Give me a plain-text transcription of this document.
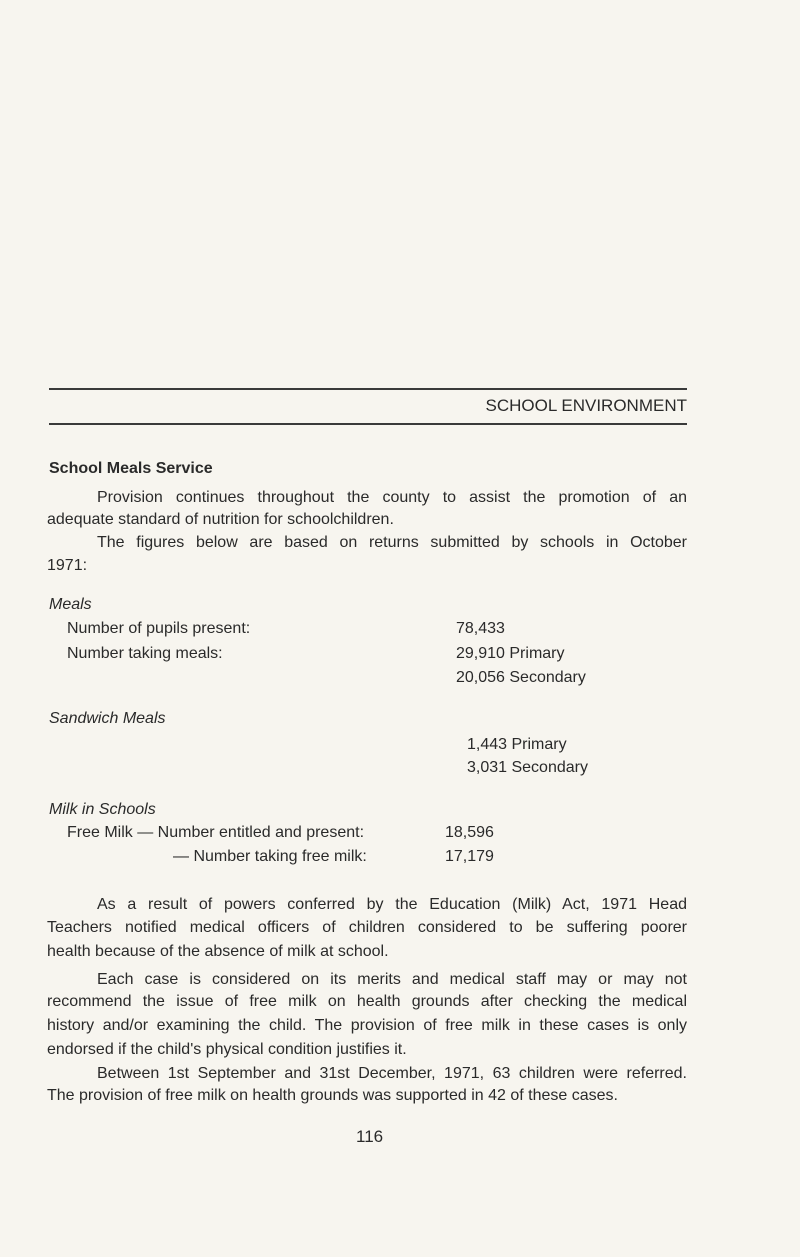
SCHOOL ENVIRONMENT
School Meals Service
Provision continues throughout the county to assist the promotion of an
adequate standard of nutrition for schoolchildren.
The figures below are based on returns submitted by schools in October
1971:
Meals
Number of pupils present:	78,433
Number taking meals:	29,910 Primary
20,056 Secondary
Sandwich Meals
1,443 Primary
3,031 Secondary
Milk in Schools
Free Milk — Number entitled and present:	18,596
— Number taking free milk:	17,179
As a result of powers conferred by the Education (Milk) Act, 1971 Head
Teachers notified medical officers of children considered to be suffering poorer
health because of the absence of milk at school.
Each case is considered on its merits and medical staff may or may not
recommend the issue of free milk on health grounds after checking the medical
history and/or examining the child. The provision of free milk in these cases is only
endorsed if the child's physical condition justifies it.
Between 1st September and 31st December, 1971, 63 children were referred.
The provision of free milk on health grounds was supported in 42 of these cases.
116
